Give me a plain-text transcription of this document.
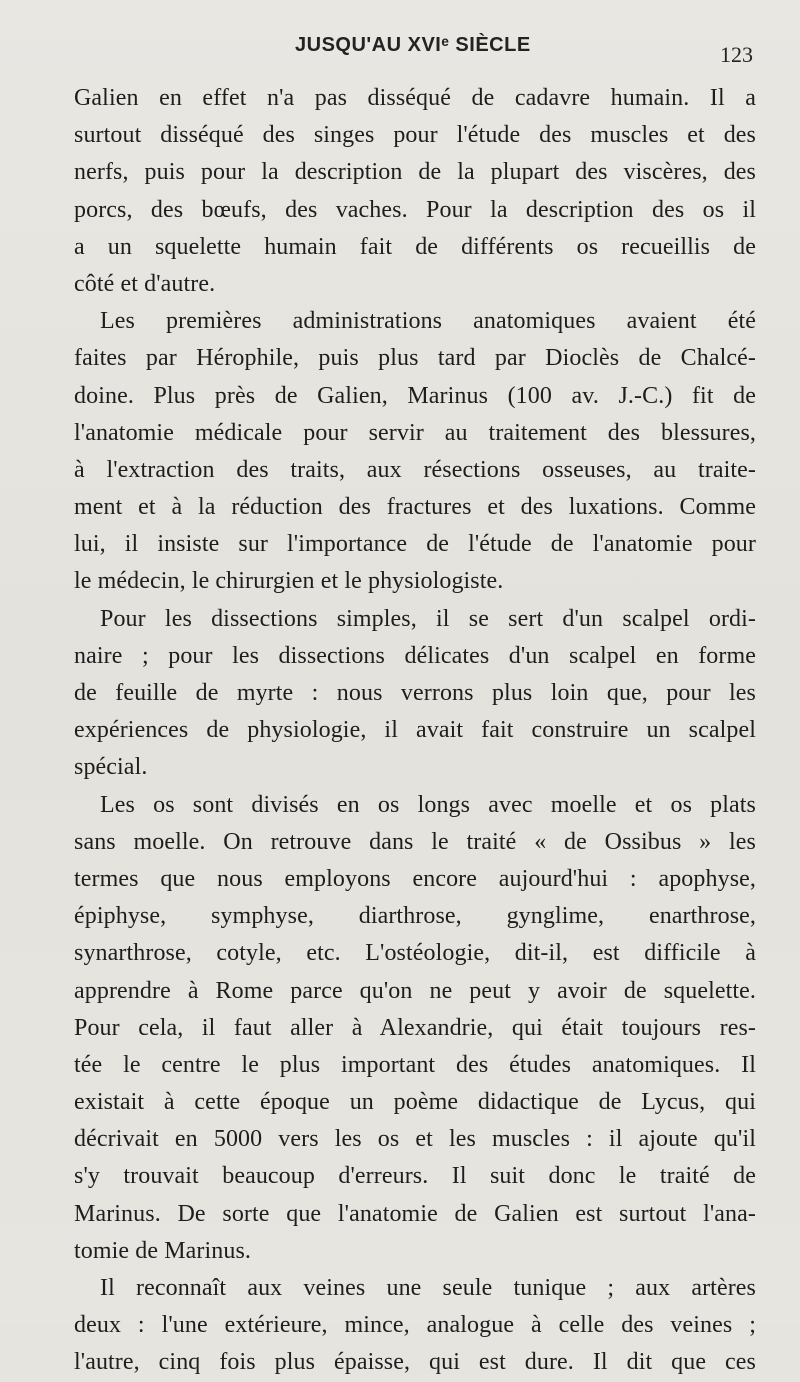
JUSQU'AU XVIᵉ SIÈCLE	123
Galien en effet n'a pas disséqué de cadavre humain. Il a
surtout disséqué des singes pour l'étude des muscles et des
nerfs, puis pour la description de la plupart des viscères, des
porcs, des bœufs, des vaches. Pour la description des os il
a un squelette humain fait de différents os recueillis de
côté et d'autre.
Les premières administrations anatomiques avaient été
faites par Hérophile, puis plus tard par Dioclès de Chalcé-
doine. Plus près de Galien, Marinus (100 av. J.-C.) fit de
l'anatomie médicale pour servir au traitement des blessures,
à l'extraction des traits, aux résections osseuses, au traite-
ment et à la réduction des fractures et des luxations. Comme
lui, il insiste sur l'importance de l'étude de l'anatomie pour
le médecin, le chirurgien et le physiologiste.
Pour les dissections simples, il se sert d'un scalpel ordi-
naire ; pour les dissections délicates d'un scalpel en forme
de feuille de myrte : nous verrons plus loin que, pour les
expériences de physiologie, il avait fait construire un scalpel
spécial.
Les os sont divisés en os longs avec moelle et os plats
sans moelle. On retrouve dans le traité « de Ossibus » les
termes que nous employons encore aujourd'hui : apophyse,
épiphyse, symphyse, diarthrose, gynglime, enarthrose,
synarthrose, cotyle, etc. L'ostéologie, dit-il, est difficile à
apprendre à Rome parce qu'on ne peut y avoir de squelette.
Pour cela, il faut aller à Alexandrie, qui était toujours res-
tée le centre le plus important des études anatomiques. Il
existait à cette époque un poème didactique de Lycus, qui
décrivait en 5000 vers les os et les muscles : il ajoute qu'il
s'y trouvait beaucoup d'erreurs. Il suit donc le traité de
Marinus. De sorte que l'anatomie de Galien est surtout l'ana-
tomie de Marinus.
Il reconnaît aux veines une seule tunique ; aux artères
deux : l'une extérieure, mince, analogue à celle des veines ;
l'autre, cinq fois plus épaisse, qui est dure. Il dit que ces
